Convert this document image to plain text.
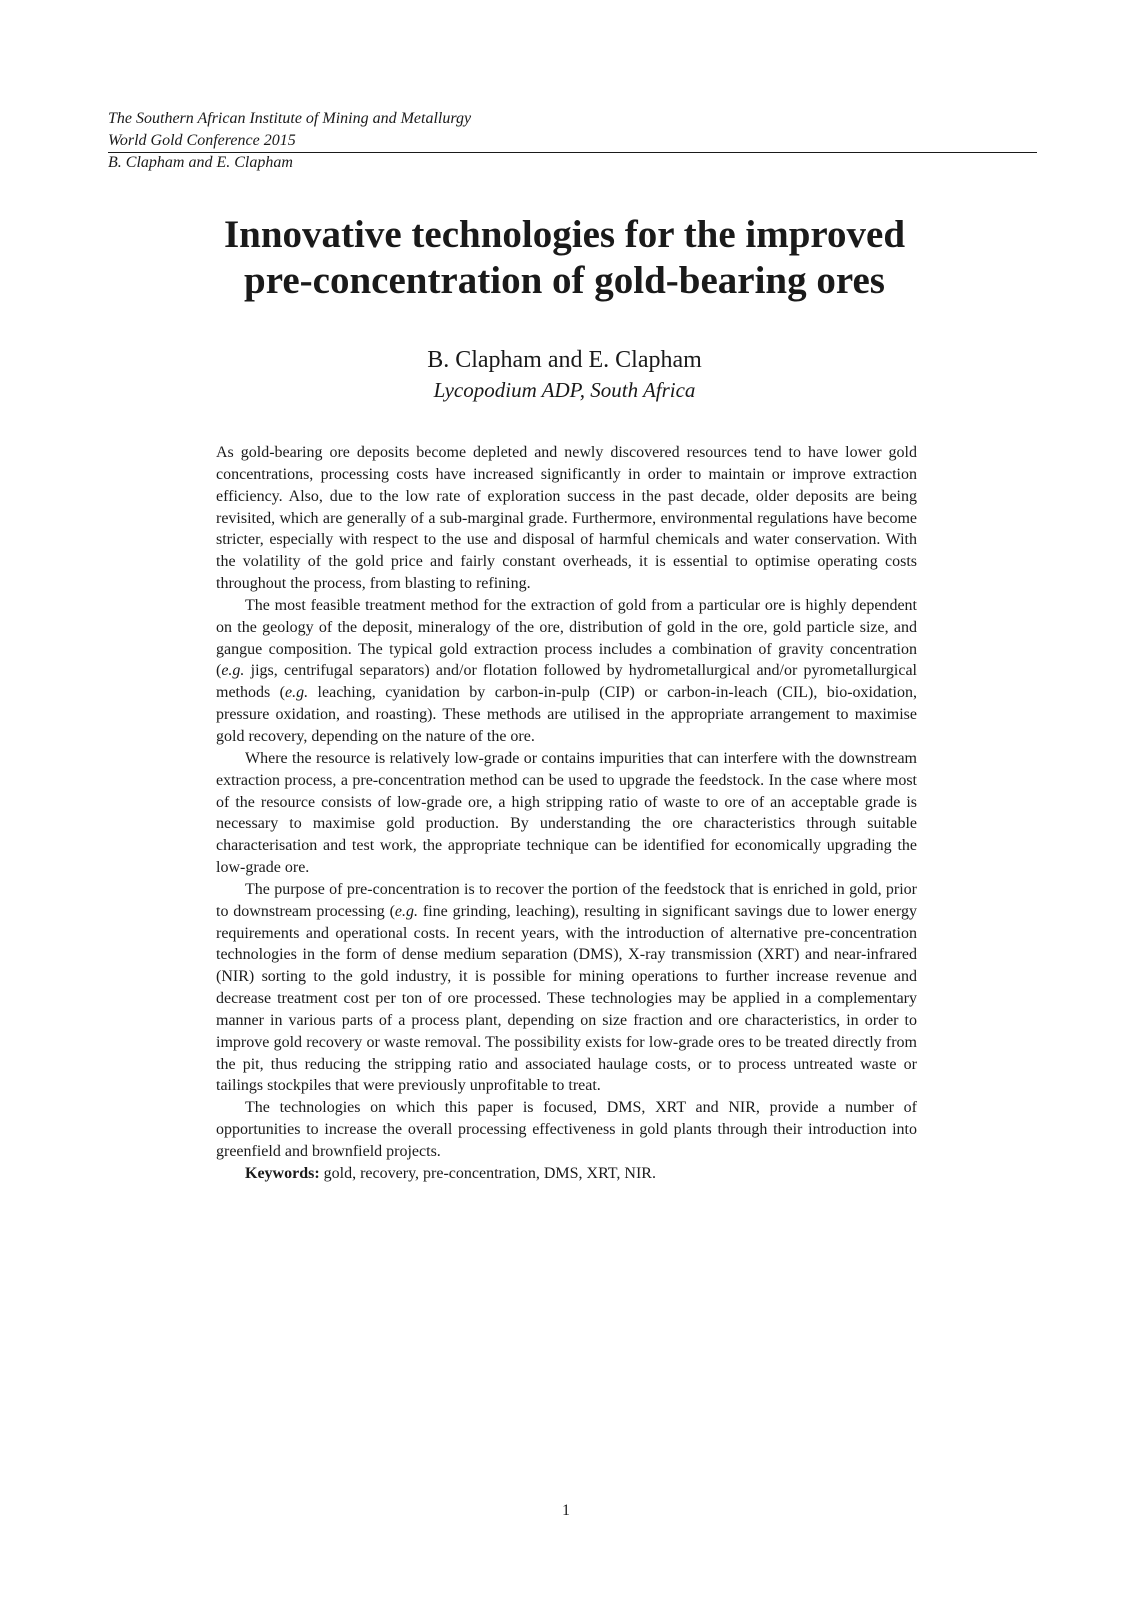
The Southern African Institute of Mining and Metallurgy
World Gold Conference 2015
B. Clapham and E. Clapham
Innovative technologies for the improved
pre-concentration of gold-bearing ores
B. Clapham and E. Clapham
Lycopodium ADP, South Africa

As gold-bearing ore deposits become depleted and newly discovered resources tend to have lower gold concentrations, processing costs have increased significantly in order to maintain or improve extraction efficiency. Also, due to the low rate of exploration success in the past decade, older deposits are being revisited, which are generally of a sub-marginal grade. Furthermore, environmental regulations have become stricter, especially with respect to the use and disposal of harmful chemicals and water conservation. With the volatility of the gold price and fairly constant overheads, it is essential to optimise operating costs throughout the process, from blasting to refining.

The most feasible treatment method for the extraction of gold from a particular ore is highly dependent on the geology of the deposit, mineralogy of the ore, distribution of gold in the ore, gold particle size, and gangue composition. The typical gold extraction process includes a combination of gravity concentration (e.g. jigs, centrifugal separators) and/or flotation followed by hydrometallurgical and/or pyrometallurgical methods (e.g. leaching, cyanidation by carbon-in-pulp (CIP) or carbon-in-leach (CIL), bio-oxidation, pressure oxidation, and roasting). These methods are utilised in the appropriate arrangement to maximise gold recovery, depending on the nature of the ore.

Where the resource is relatively low-grade or contains impurities that can interfere with the downstream extraction process, a pre-concentration method can be used to upgrade the feedstock. In the case where most of the resource consists of low-grade ore, a high stripping ratio of waste to ore of an acceptable grade is necessary to maximise gold production. By understanding the ore characteristics through suitable characterisation and test work, the appropriate technique can be identified for economically upgrading the low-grade ore.

The purpose of pre-concentration is to recover the portion of the feedstock that is enriched in gold, prior to downstream processing (e.g. fine grinding, leaching), resulting in significant savings due to lower energy requirements and operational costs. In recent years, with the introduction of alternative pre-concentration technologies in the form of dense medium separation (DMS), X-ray transmission (XRT) and near-infrared (NIR) sorting to the gold industry, it is possible for mining operations to further increase revenue and decrease treatment cost per ton of ore processed. These technologies may be applied in a complementary manner in various parts of a process plant, depending on size fraction and ore characteristics, in order to improve gold recovery or waste removal. The possibility exists for low-grade ores to be treated directly from the pit, thus reducing the stripping ratio and associated haulage costs, or to process untreated waste or tailings stockpiles that were previously unprofitable to treat.

The technologies on which this paper is focused, DMS, XRT and NIR, provide a number of opportunities to increase the overall processing effectiveness in gold plants through their introduction into greenfield and brownfield projects.

Keywords: gold, recovery, pre-concentration, DMS, XRT, NIR.

1
